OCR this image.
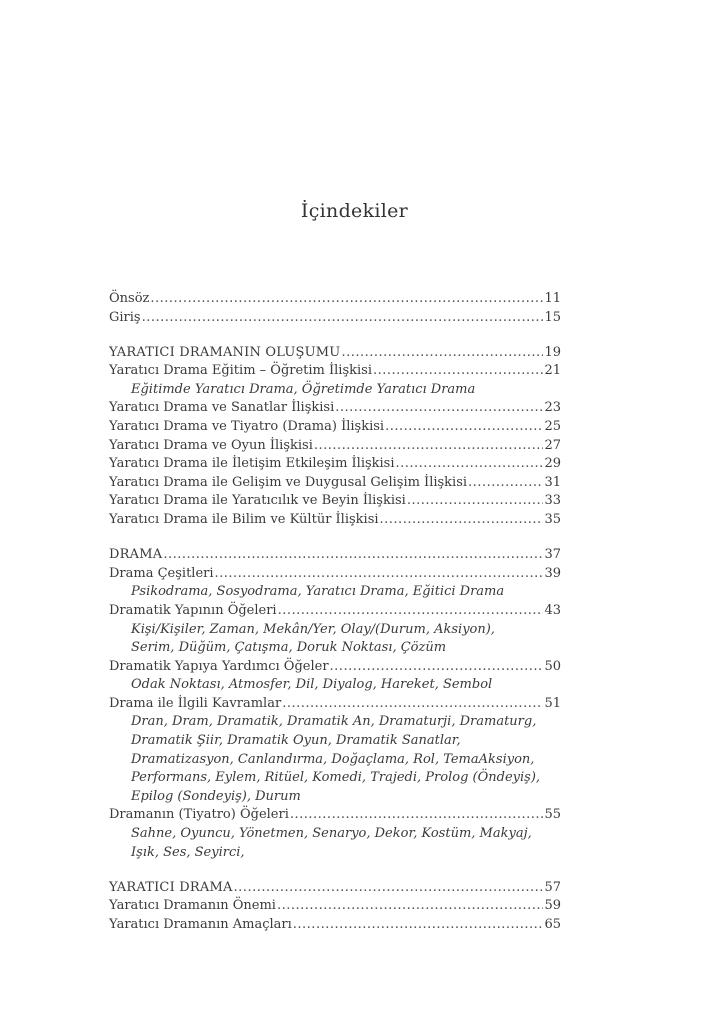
İçindekiler
Önsöz .....	11
Giriş .....	15
YARATICI DRAMANIN OLUŞUMU .....	19
Yaratıcı Drama Eğitim – Öğretim İlişkisi .....	21
Eğitimde Yaratıcı Drama, Öğretimde Yaratıcı Drama
Yaratıcı Drama ve Sanatlar İlişkisi .....	23
Yaratıcı Drama ve Tiyatro (Drama) İlişkisi .....	25
Yaratıcı Drama ve Oyun İlişkisi .....	27
Yaratıcı Drama ile İletişim Etkileşim İlişkisi .....	29
Yaratıcı Drama ile Gelişim ve Duygusal Gelişim İlişkisi .....	31
Yaratıcı Drama ile Yaratıcılık ve Beyin İlişkisi .....	33
Yaratıcı Drama ile Bilim ve Kültür İlişkisi .....	35
DRAMA .....	37
Drama Çeşitleri .....	39
Psikodrama, Sosyodrama, Yaratıcı Drama, Eğitici Drama
Dramatik Yapının Öğeleri .....	43
Kişi/Kişiler, Zaman, Mekân/Yer, Olay/(Durum, Aksiyon),
Serim, Düğüm, Çatışma, Doruk Noktası, Çözüm
Dramatik Yapıya Yardımcı Öğeler .....	50
Odak Noktası, Atmosfer, Dil, Diyalog, Hareket, Sembol
Drama ile İlgili Kavramlar .....	51
Dran, Dram, Dramatik, Dramatik An, Dramaturji, Dramaturg,
Dramatik Şiir, Dramatik Oyun, Dramatik Sanatlar,
Dramatizasyon, Canlandırma, Doğaçlama, Rol, TemaAksiyon,
Performans, Eylem, Ritüel, Komedi, Trajedi, Prolog (Öndeyiş),
Epilog (Sondeyiş), Durum
Dramanın (Tiyatro) Öğeleri .....	55
Sahne, Oyuncu, Yönetmen, Senaryo, Dekor, Kostüm, Makyaj,
Işık, Ses, Seyirci,
YARATICI DRAMA .....	57
Yaratıcı Dramanın Önemi .....	59
Yaratıcı Dramanın Amaçları .....	65
